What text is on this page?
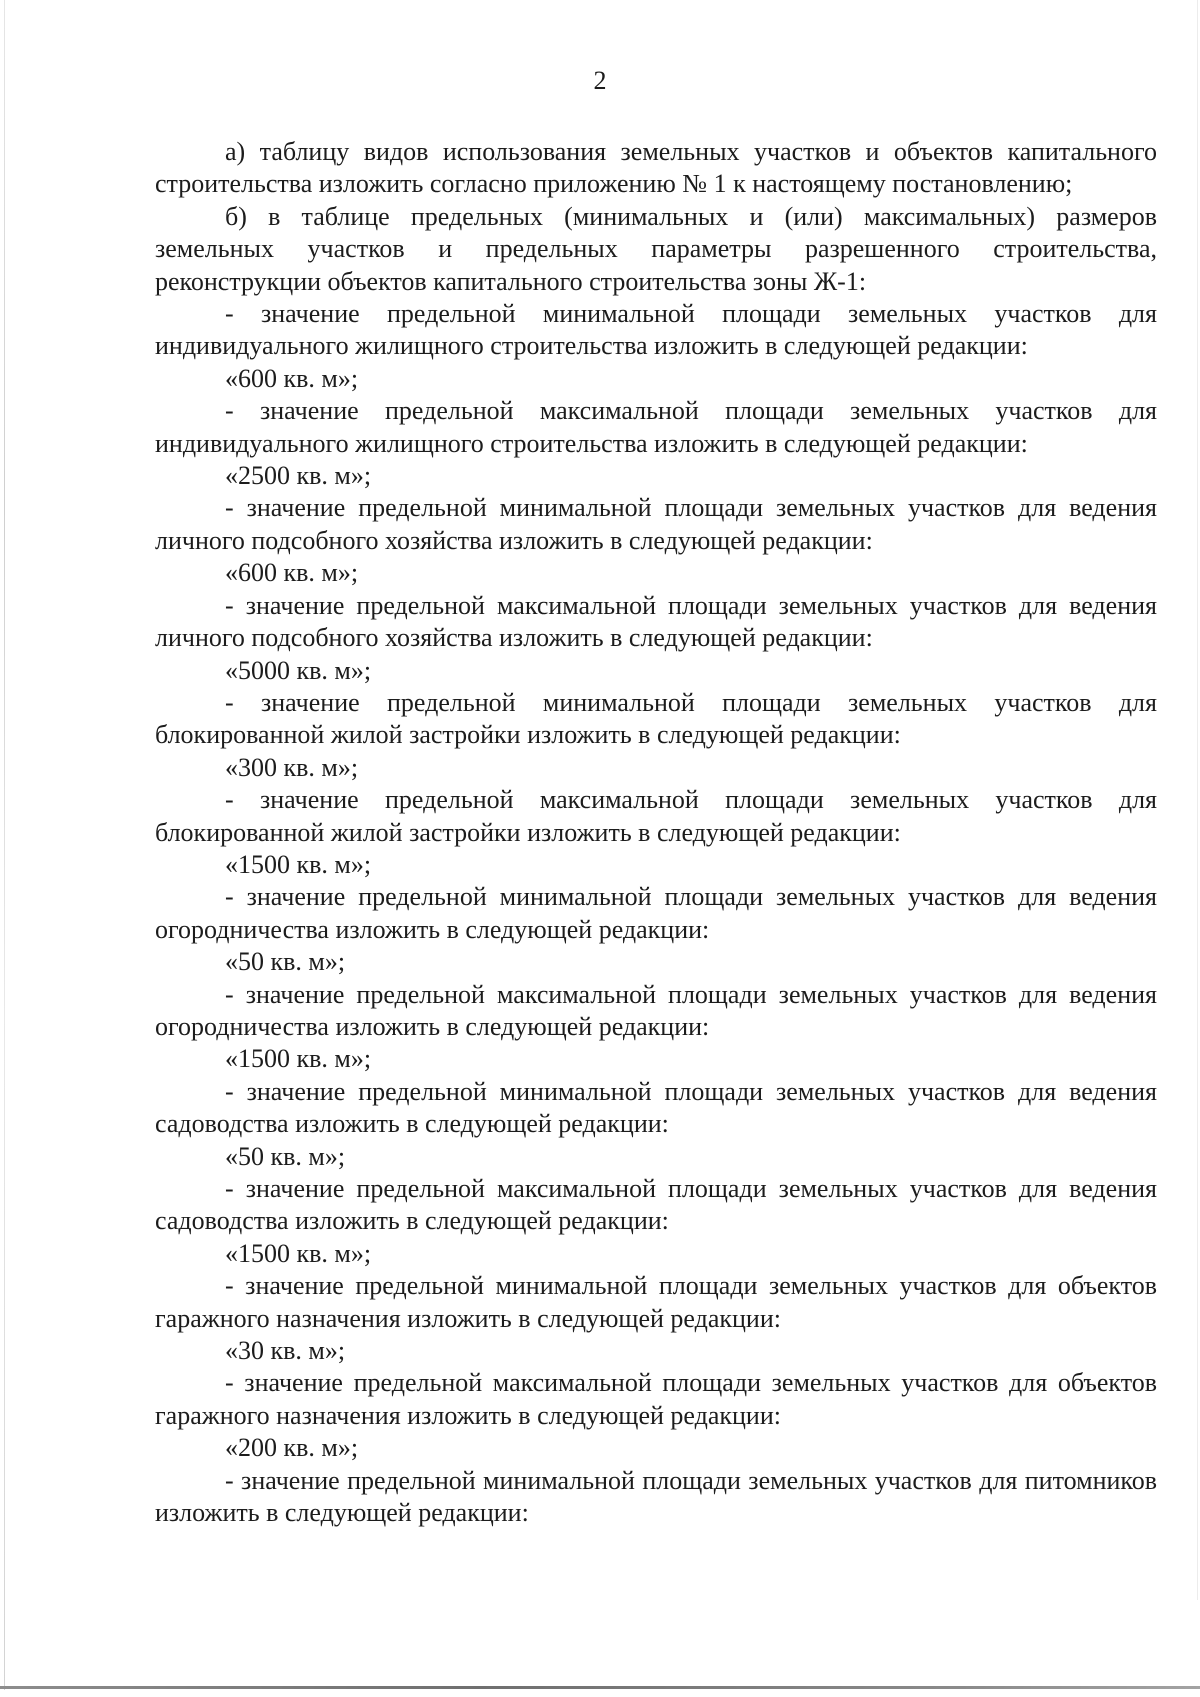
2

а) таблицу видов использования земельных участков и объектов капитального строительства изложить согласно приложению № 1 к настоящему постановлению;

б) в таблице предельных (минимальных и (или) максимальных) размеров земельных участков и предельных параметры разрешенного строительства, реконструкции объектов капитального строительства зоны Ж-1:

- значение предельной минимальной площади земельных участков для индивидуального жилищного строительства изложить в следующей редакции:

«600 кв. м»;

- значение предельной максимальной площади земельных участков для индивидуального жилищного строительства изложить в следующей редакции:

«2500 кв. м»;

- значение предельной минимальной площади земельных участков для ведения личного подсобного хозяйства изложить в следующей редакции:

«600 кв. м»;

- значение предельной максимальной площади земельных участков для ведения личного подсобного хозяйства изложить в следующей редакции:

«5000 кв. м»;

- значение предельной минимальной площади земельных участков для блокированной жилой застройки изложить в следующей редакции:

«300 кв. м»;

- значение предельной максимальной площади земельных участков для блокированной жилой застройки изложить в следующей редакции:

«1500 кв. м»;

- значение предельной минимальной площади земельных участков для ведения огородничества изложить в следующей редакции:

«50 кв. м»;

- значение предельной максимальной площади земельных участков для ведения огородничества изложить в следующей редакции:

«1500 кв. м»;

- значение предельной минимальной площади земельных участков для ведения садоводства изложить в следующей редакции:

«50 кв. м»;

- значение предельной максимальной площади земельных участков для ведения садоводства изложить в следующей редакции:

«1500 кв. м»;

- значение предельной минимальной площади земельных участков для объектов гаражного назначения изложить в следующей редакции:

«30 кв. м»;

- значение предельной максимальной площади земельных участков для объектов гаражного назначения изложить в следующей редакции:

«200 кв. м»;

- значение предельной минимальной площади земельных участков для питомников изложить в следующей редакции:
